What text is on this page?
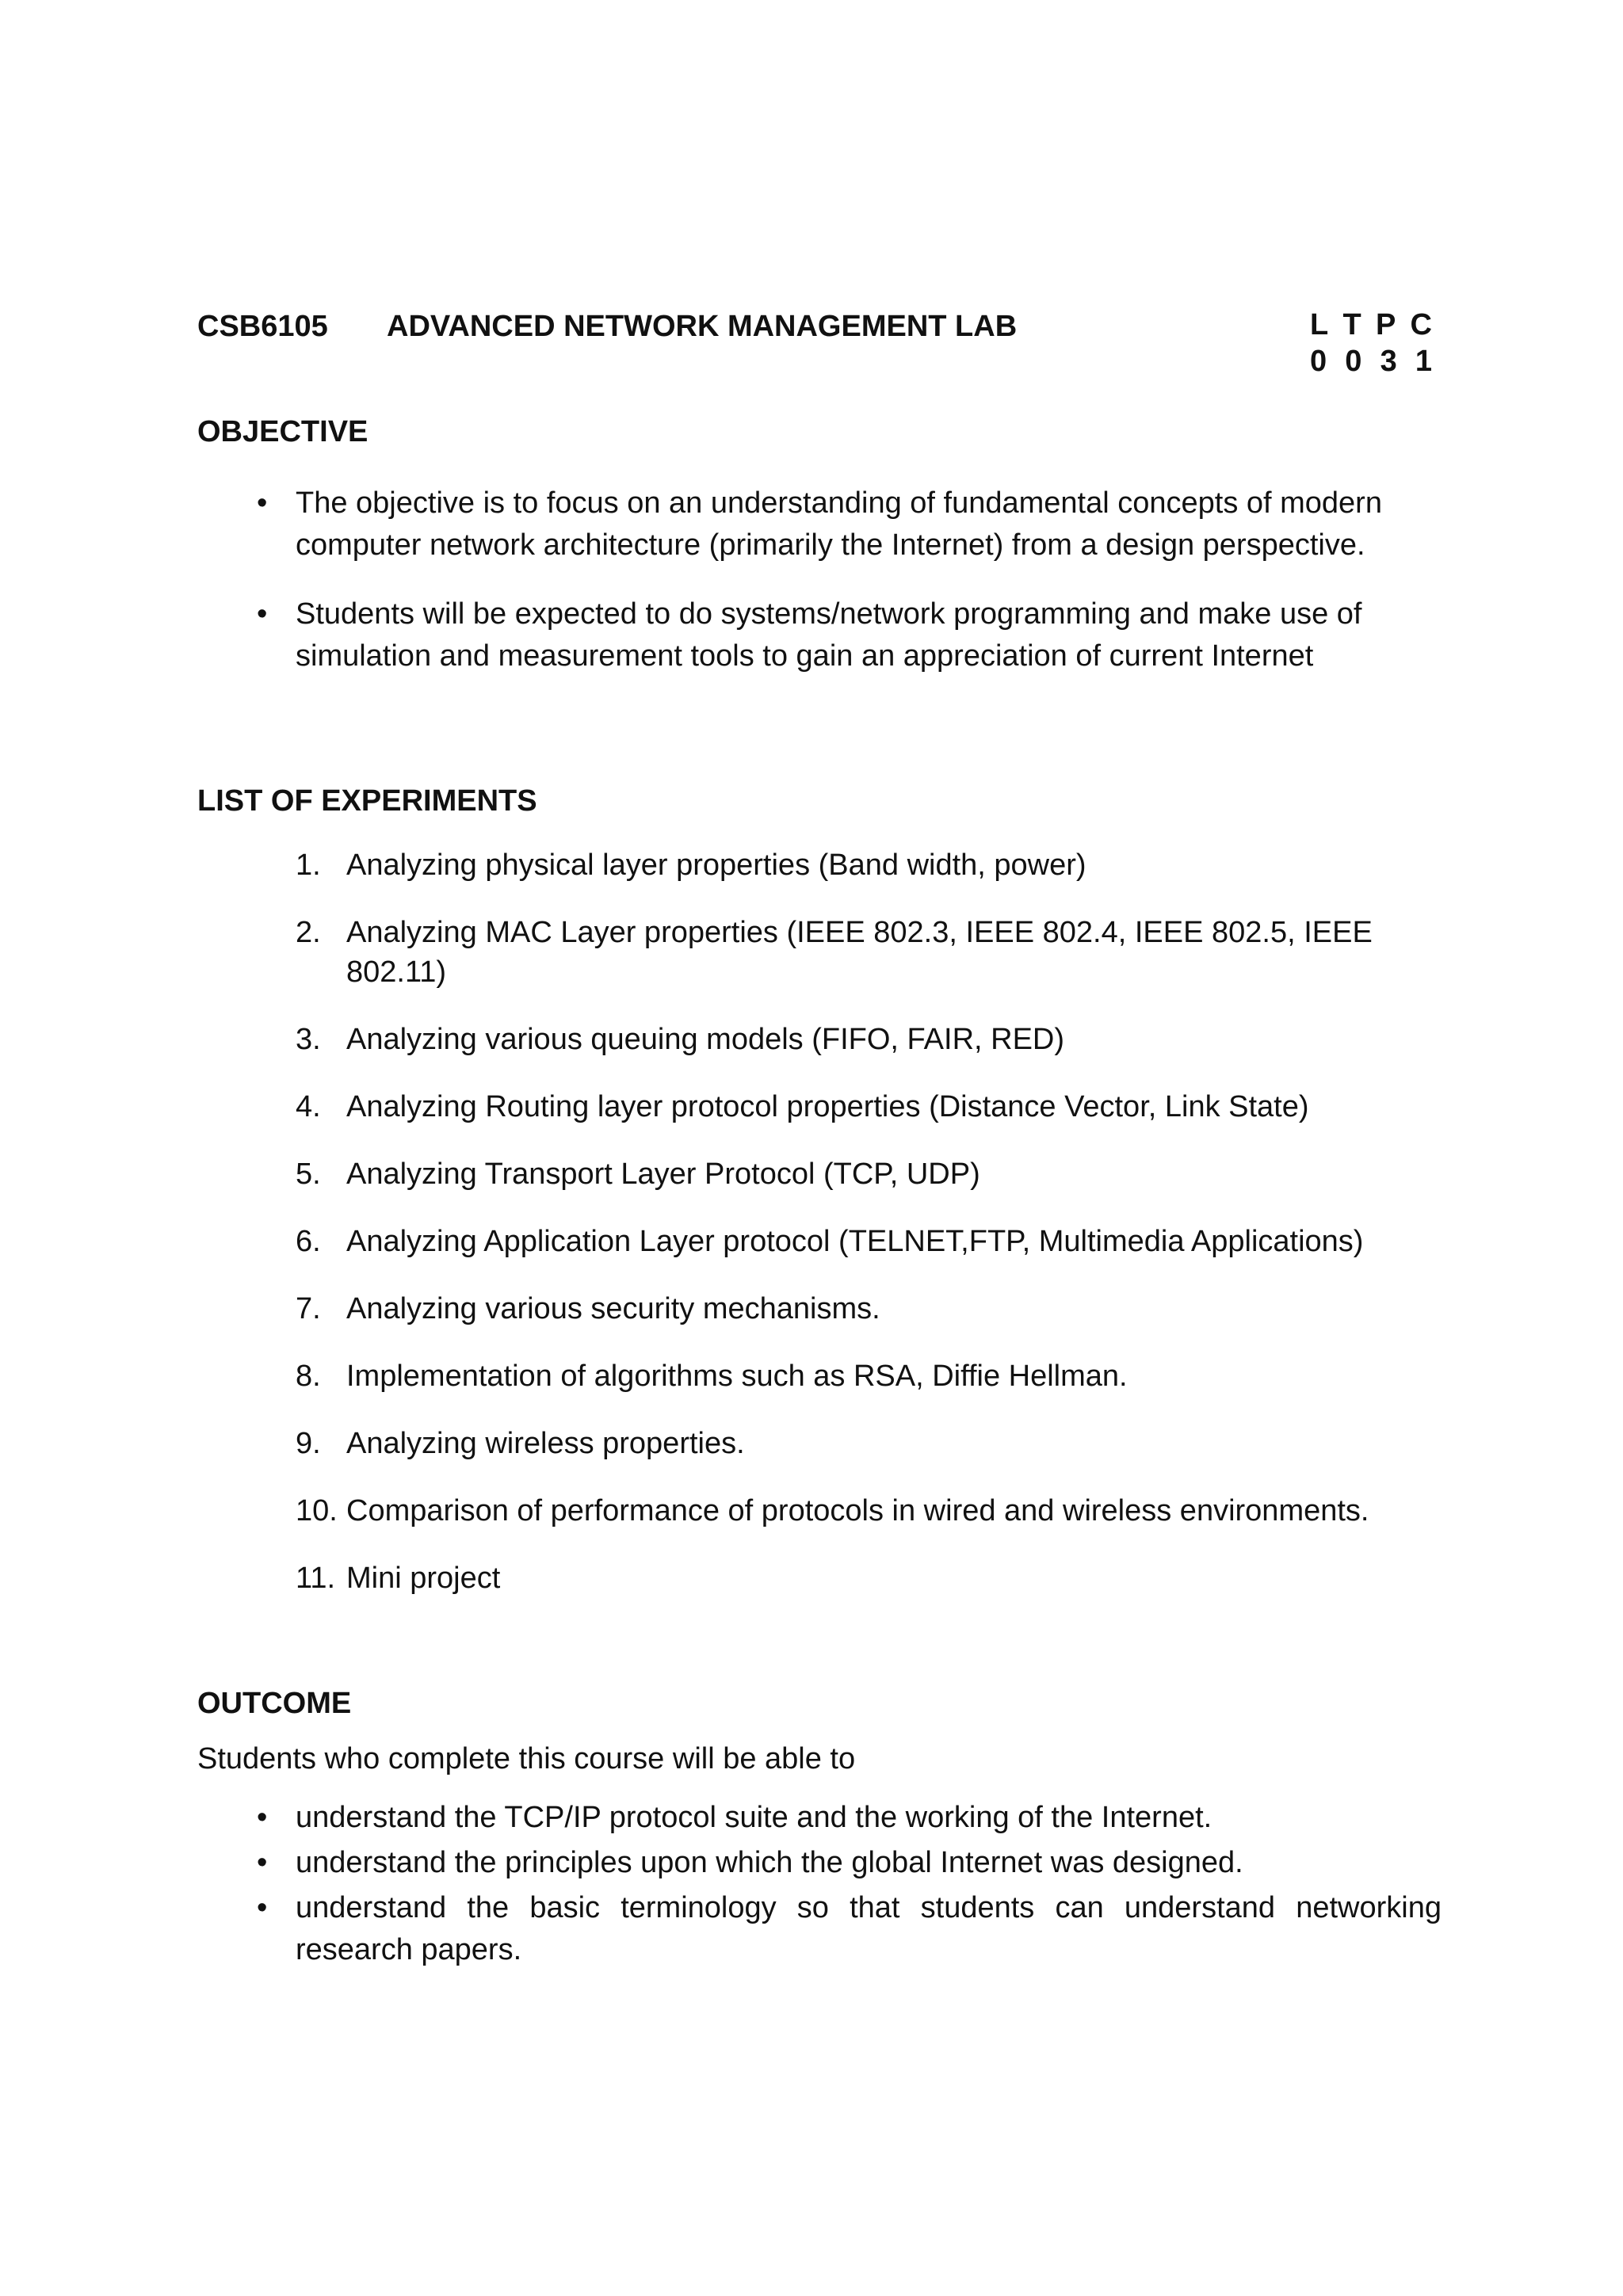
CSB6105 ADVANCED NETWORK MANAGEMENT LAB	L T P C
0 0 3 1
OBJECTIVE
• The objective is to focus on an understanding of fundamental concepts of modern computer network architecture (primarily the Internet) from a design perspective.
• Students will be expected to do systems/network programming and make use of simulation and measurement tools to gain an appreciation of current Internet
LIST OF EXPERIMENTS
1. Analyzing physical layer properties (Band width, power)
2. Analyzing MAC Layer properties (IEEE 802.3, IEEE 802.4, IEEE 802.5, IEEE 802.11)
3. Analyzing various queuing models (FIFO, FAIR, RED)
4. Analyzing Routing layer protocol properties (Distance Vector, Link State)
5. Analyzing Transport Layer Protocol (TCP, UDP)
6. Analyzing Application Layer protocol (TELNET,FTP, Multimedia Applications)
7. Analyzing various security mechanisms.
8. Implementation of algorithms such as RSA, Diffie Hellman.
9. Analyzing wireless properties.
10. Comparison of performance of protocols in wired and wireless environments.
11. Mini project
OUTCOME
Students who complete this course will be able to
• understand the TCP/IP protocol suite and the working of the Internet.
• understand the principles upon which the global Internet was designed.
• understand the basic terminology so that students can understand networking research papers.
